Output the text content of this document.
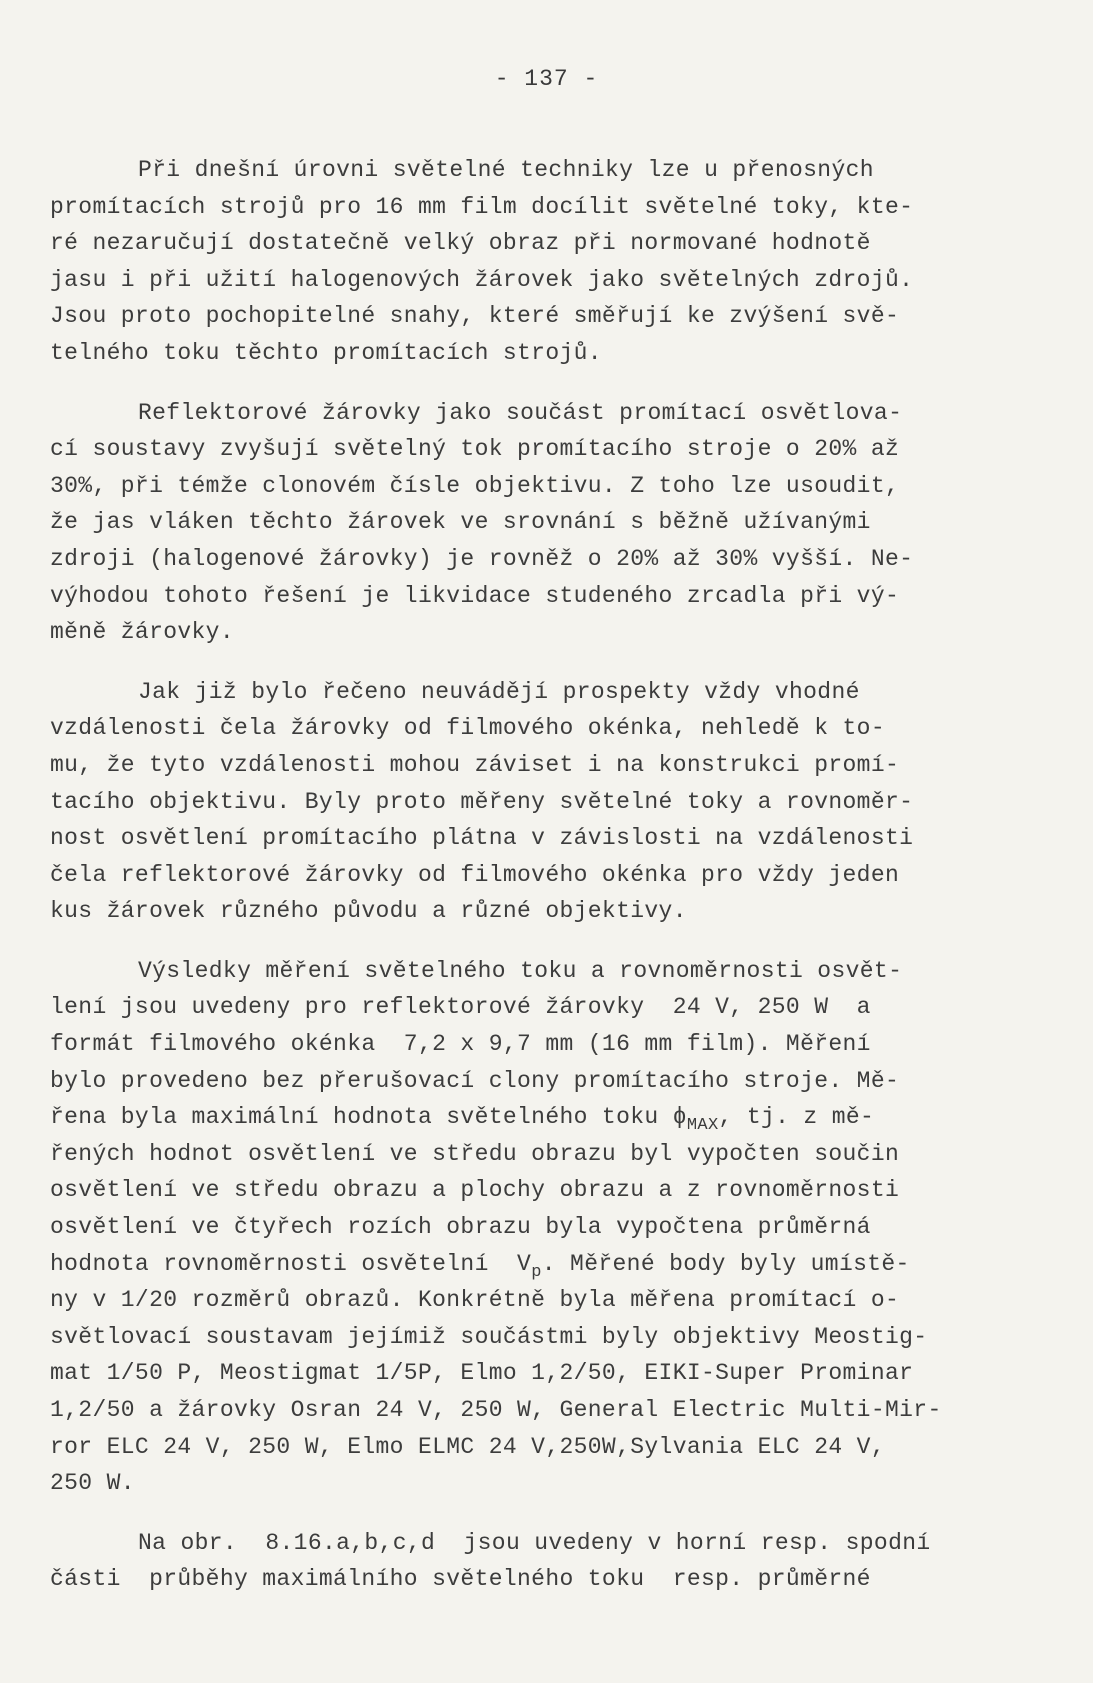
- 137 -
Při dnešní úrovni světelné techniky lze u přenosných
promítacích strojů pro 16 mm film docílit světelné toky, kte-
ré nezaručují dostatečně velký obraz při normované hodnotě
jasu i při užití halogenových žárovek jako světelných zdrojů.
Jsou proto pochopitelné snahy, které směřují ke zvýšení svě-
telného toku těchto promítacích strojů.
Reflektorové žárovky jako součást promítací osvětlova-
cí soustavy zvyšují světelný tok promítacího stroje o 20% až
30%, při témže clonovém čísle objektivu. Z toho lze usoudit,
že jas vláken těchto žárovek ve srovnání s běžně užívanými
zdroji (halogenové žárovky) je rovněž o 20% až 30% vyšší. Ne-
výhodou tohoto řešení je likvidace studeného zrcadla při vý-
měně žárovky.
Jak již bylo řečeno neuvádějí prospekty vždy vhodné
vzdálenosti čela žárovky od filmového okénka, nehledě k to-
mu, že tyto vzdálenosti mohou záviset i na konstrukci promí-
tacího objektivu. Byly proto měřeny světelné toky a rovnoměr-
nost osvětlení promítacího plátna v závislosti na vzdálenosti
čela reflektorové žárovky od filmového okénka pro vždy jeden
kus žárovek různého původu a různé objektivy.
Výsledky měření světelného toku a rovnoměrnosti osvět-
lení jsou uvedeny pro reflektorové žárovky  24 V, 250 W  a
formát filmového okénka  7,2 x 9,7 mm (16 mm film). Měření
bylo provedeno bez přerušovací clony promítacího stroje. Mě-
řena byla maximální hodnota světelného toku $\phi_{MAX}$, tj. z mě-
řených hodnot osvětlení ve středu obrazu byl vypočten součin
osvětlení ve středu obrazu a plochy obrazu a z rovnoměrnosti
osvětlení ve čtyřech rozích obrazu byla vypočtena průměrná
hodnota rovnoměrnosti osvětelní  $V_p$. Měřené body byly umístě-
ny v 1/20 rozměrů obrazů. Konkrétně byla měřena promítací o-
světlovací soustavam jejímiž součástmi byly objektivy Meostig-
mat 1/50 P, Meostigmat 1/5P, Elmo 1,2/50, EIKI-Super Prominar
1,2/50 a žárovky Osran 24 V, 250 W, General Electric Multi-Mir-
ror ELC 24 V, 250 W, Elmo ELMC 24 V,250W,Sylvania ELC 24 V,
250 W.
Na obr.  8.16.a,b,c,d  jsou uvedeny v horní resp. spodní
části  průběhy maximálního světelného toku  resp. průměrné
